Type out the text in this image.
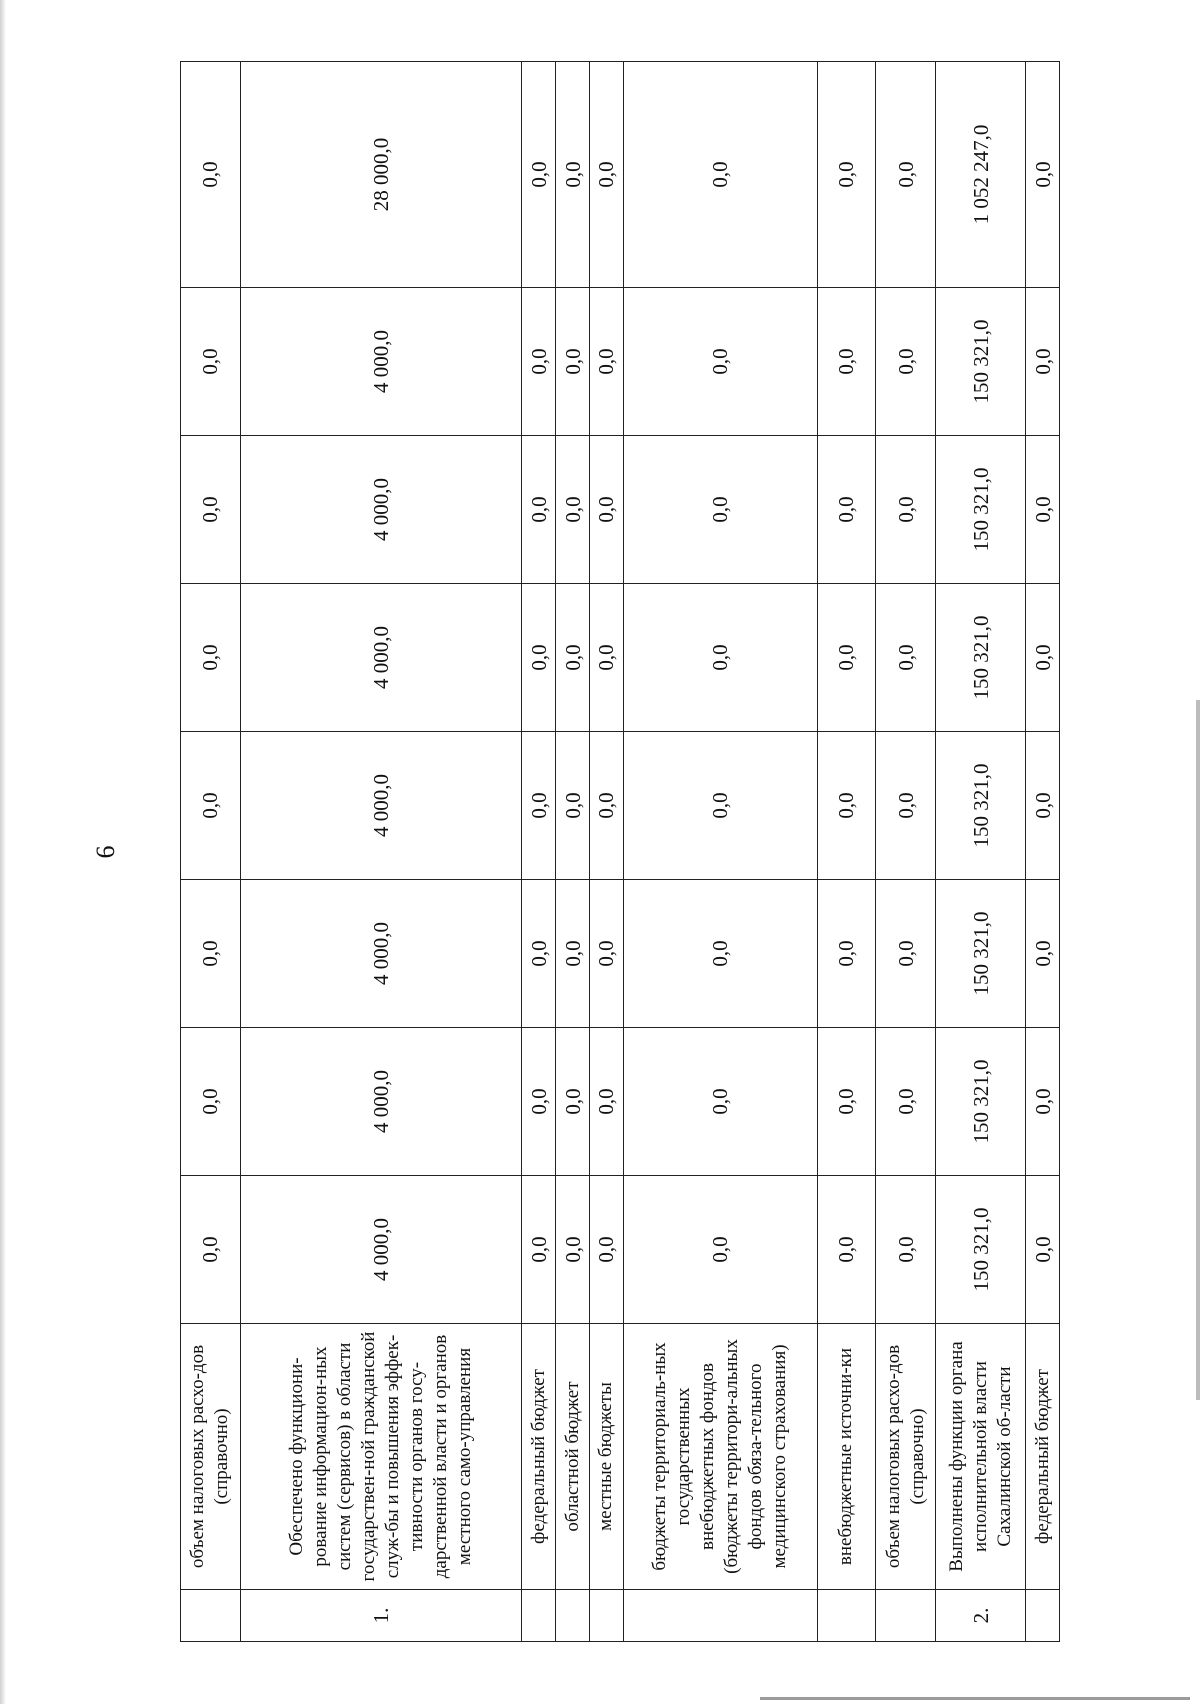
6
	объем налоговых расхо-дов (справочно)	0,0	0,0	0,0	0,0	0,0	0,0	0,0	0,0
1.	Обеспечено функциони-рование информацион-ных систем (сервисов) в области государствен-ной гражданской служ-бы и повышения эффек-тивности органов госу-дарственной власти и органов местного само-управления	4 000,0	4 000,0	4 000,0	4 000,0	4 000,0	4 000,0	4 000,0	28 000,0
	федеральный бюджет	0,0	0,0	0,0	0,0	0,0	0,0	0,0	0,0
	областной бюджет	0,0	0,0	0,0	0,0	0,0	0,0	0,0	0,0
	местные бюджеты	0,0	0,0	0,0	0,0	0,0	0,0	0,0	0,0
	бюджеты территориаль-ных государственных внебюджетных фондов (бюджеты территори-альных фондов обяза-тельного медицинского страхования)	0,0	0,0	0,0	0,0	0,0	0,0	0,0	0,0
	внебюджетные источни-ки	0,0	0,0	0,0	0,0	0,0	0,0	0,0	0,0
	объем налоговых расхо-дов (справочно)	0,0	0,0	0,0	0,0	0,0	0,0	0,0	0,0
2.	Выполнены функции органа исполнительной власти Сахалинской об-ласти	150 321,0	150 321,0	150 321,0	150 321,0	150 321,0	150 321,0	150 321,0	1 052 247,0
	федеральный бюджет	0,0	0,0	0,0	0,0	0,0	0,0	0,0	0,0
